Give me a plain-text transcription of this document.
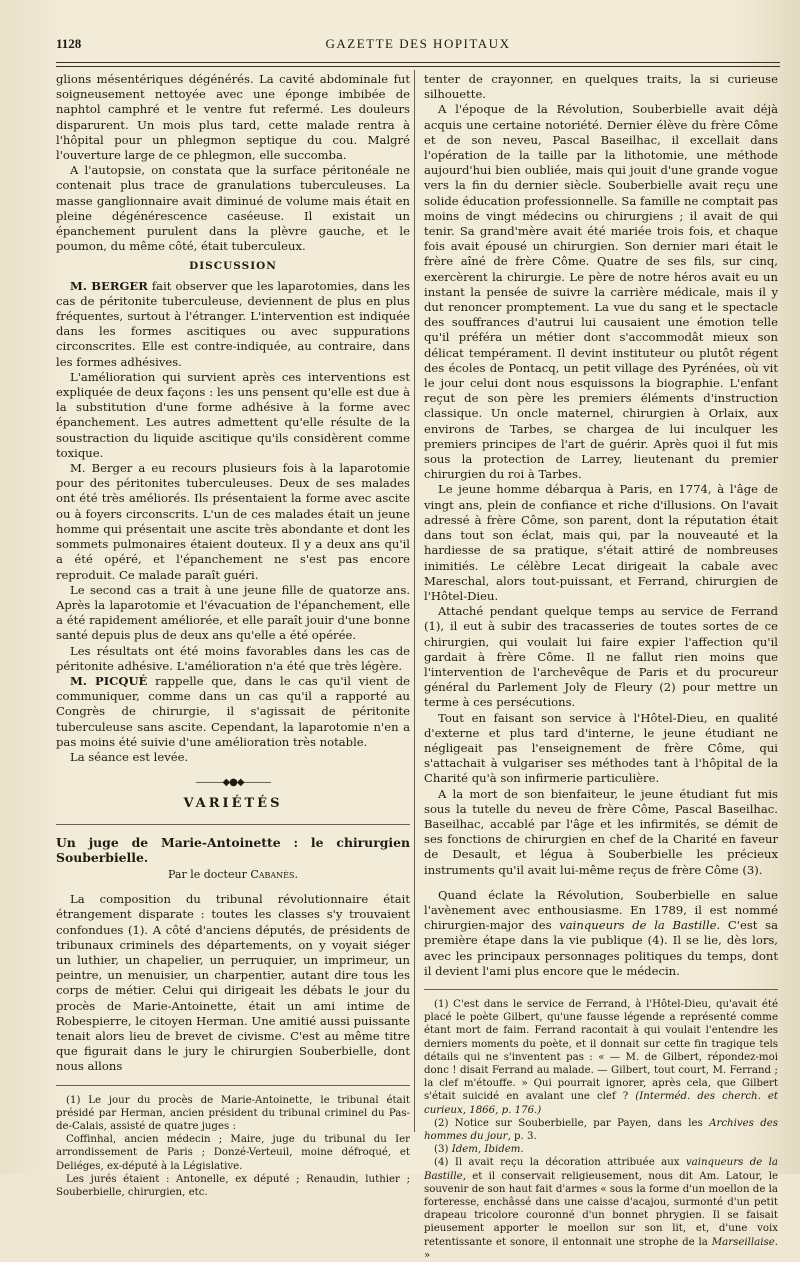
1128	GAZETTE DES HOPITAUX

glions mésentériques dégénérés. La cavité abdominale fut soigneusement nettoyée avec une éponge imbibée de naphtol camphré et le ventre fut refermé. Les douleurs disparurent. Un mois plus tard, cette malade rentra à l'hôpital pour un phlegmon septique du cou. Malgré l'ouverture large de ce phlegmon, elle succomba.

A l'autopsie, on constata que la surface péritonéale ne contenait plus trace de granulations tuberculeuses. La masse ganglionnaire avait diminué de volume mais était en pleine dégénérescence caséeuse. Il existait un épanchement purulent dans la plèvre gauche, et le poumon, du même côté, était tuberculeux.

DISCUSSION

M. BERGER fait observer que les laparotomies, dans les cas de péritonite tuberculeuse, deviennent de plus en plus fréquentes, surtout à l'étranger. L'intervention est indiquée dans les formes ascitiques ou avec suppurations circonscrites. Elle est contre-indiquée, au contraire, dans les formes adhésives.

L'amélioration qui survient après ces interventions est expliquée de deux façons : les uns pensent qu'elle est due à la substitution d'une forme adhésive à la forme avec épanchement. Les autres admettent qu'elle résulte de la soustraction du liquide ascitique qu'ils considèrent comme toxique.

M. Berger a eu recours plusieurs fois à la laparotomie pour des péritonites tuberculeuses. Deux de ses malades ont été très améliorés. Ils présentaient la forme avec ascite ou à foyers circonscrits. L'un de ces malades était un jeune homme qui présentait une ascite très abondante et dont les sommets pulmonaires étaient douteux. Il y a deux ans qu'il a été opéré, et l'épanchement ne s'est pas encore reproduit. Ce malade paraît guéri.

Le second cas a trait à une jeune fille de quatorze ans. Après la laparotomie et l'évacuation de l'épanchement, elle a été rapidement améliorée, et elle paraît jouir d'une bonne santé depuis plus de deux ans qu'elle a été opérée.

Les résultats ont été moins favorables dans les cas de péritonite adhésive. L'amélioration n'a été que très légère.

M. PICQUÉ rappelle que, dans le cas qu'il vient de communiquer, comme dans un cas qu'il a rapporté au Congrès de chirurgie, il s'agissait de péritonite tuberculeuse sans ascite. Cependant, la laparotomie n'en a pas moins été suivie d'une amélioration très notable.

La séance est levée.

———◆●◆———
VARIÉTÉS
Un juge de Marie-Antoinette : le chirurgien Souberbielle.
Par le docteur Cabanès.

La composition du tribunal révolutionnaire était étrangement disparate : toutes les classes s'y trouvaient confondues (1). A côté d'anciens députés, de présidents de tribunaux criminels des départements, on y voyait siéger un luthier, un chapelier, un perruquier, un imprimeur, un peintre, un menuisier, un charpentier, autant dire tous les corps de métier. Celui qui dirigeait les débats le jour du procès de Marie-Antoinette, était un ami intime de Robespierre, le citoyen Herman. Une amitié aussi puissante tenait alors lieu de brevet de civisme. C'est au même titre que figurait dans le jury le chirurgien Souberbielle, dont nous allons

(1) Le jour du procès de Marie-Antoinette, le tribunal était présidé par Herman, ancien président du tribunal criminel du Pas-de-Calais, assisté de quatre juges :

Coffinhal, ancien médecin ; Maire, juge du tribunal du Ier arrondissement de Paris ; Donzé-Verteuil, moine défroqué, et Deliéges, ex-député à la Législative.

Les jurés étaient : Antonelle, ex député ; Renaudin, luthier ; Souberbielle, chirurgien, etc.

tenter de crayonner, en quelques traits, la si curieuse silhouette.

A l'époque de la Révolution, Souberbielle avait déjà acquis une certaine notoriété. Dernier élève du frère Côme et de son neveu, Pascal Baseilhac, il excellait dans l'opération de la taille par la lithotomie, une méthode aujourd'hui bien oubliée, mais qui jouit d'une grande vogue vers la fin du dernier siècle. Souberbielle avait reçu une solide éducation professionnelle. Sa famille ne comptait pas moins de vingt médecins ou chirurgiens ; il avait de qui tenir. Sa grand'mère avait été mariée trois fois, et chaque fois avait épousé un chirurgien. Son dernier mari était le frère aîné de frère Côme. Quatre de ses fils, sur cinq, exercèrent la chirurgie. Le père de notre héros avait eu un instant la pensée de suivre la carrière médicale, mais il y dut renoncer promptement. La vue du sang et le spectacle des souffrances d'autrui lui causaient une émotion telle qu'il préféra un métier dont s'accommodât mieux son délicat tempérament. Il devint instituteur ou plutôt régent des écoles de Pontacq, un petit village des Pyrénées, où vit le jour celui dont nous esquissons la biographie. L'enfant reçut de son père les premiers éléments d'instruction classique. Un oncle maternel, chirurgien à Orlaix, aux environs de Tarbes, se chargea de lui inculquer les premiers principes de l'art de guérir. Après quoi il fut mis sous la protection de Larrey, lieutenant du premier chirurgien du roi à Tarbes.

Le jeune homme débarqua à Paris, en 1774, à l'âge de vingt ans, plein de confiance et riche d'illusions. On l'avait adressé à frère Côme, son parent, dont la réputation était dans tout son éclat, mais qui, par la nouveauté et la hardiesse de sa pratique, s'était attiré de nombreuses inimitiés. Le célèbre Lecat dirigeait la cabale avec Mareschal, alors tout-puissant, et Ferrand, chirurgien de l'Hôtel-Dieu.

Attaché pendant quelque temps au service de Ferrand (1), il eut à subir des tracasseries de toutes sortes de ce chirurgien, qui voulait lui faire expier l'affection qu'il gardait à frère Côme. Il ne fallut rien moins que l'intervention de l'archevêque de Paris et du procureur général du Parlement Joly de Fleury (2) pour mettre un terme à ces persécutions.

Tout en faisant son service à l'Hôtel-Dieu, en qualité d'externe et plus tard d'interne, le jeune étudiant ne négligeait pas l'enseignement de frère Côme, qui s'attachait à vulgariser ses méthodes tant à l'hôpital de la Charité qu'à son infirmerie particulière.

A la mort de son bienfaiteur, le jeune étudiant fut mis sous la tutelle du neveu de frère Côme, Pascal Baseilhac. Baseilhac, accablé par l'âge et les infirmités, se démit de ses fonctions de chirurgien en chef de la Charité en faveur de Desault, et légua à Souberbielle les précieux instruments qu'il avait lui-même reçus de frère Côme (3).

Quand éclate la Révolution, Souberbielle en salue l'avènement avec enthousiasme. En 1789, il est nommé chirurgien-major des vainqueurs de la Bastille. C'est sa première étape dans la vie publique (4). Il se lie, dès lors, avec les principaux personnages politiques du temps, dont il devient l'ami plus encore que le médecin.

(1) C'est dans le service de Ferrand, à l'Hôtel-Dieu, qu'avait été placé le poète Gilbert, qu'une fausse légende a représenté comme étant mort de faim. Ferrand racontait à qui voulait l'entendre les derniers moments du poète, et il donnait sur cette fin tragique tels détails qui ne s'inventent pas : « — M. de Gilbert, répondez-moi donc ! disait Ferrand au malade. — Gilbert, tout court, M. Ferrand ; la clef m'étouffe. » Qui pourrait ignorer, après cela, que Gilbert s'était suicidé en avalant une clef ? (Interméd. des cherch. et curieux, 1866, p. 176.)

(2) Notice sur Souberbielle, par Payen, dans les Archives des hommes du jour, p. 3.

(3) Idem, Ibidem.

(4) Il avait reçu la décoration attribuée aux vainqueurs de la Bastille, et il conservait religieusement, nous dit Am. Latour, le souvenir de son haut fait d'armes « sous la forme d'un moellon de la forteresse, enchâssé dans une caisse d'acajou, surmonté d'un petit drapeau tricolore couronné d'un bonnet phrygien. Il se faisait pieusement apporter le moellon sur son lit, et, d'une voix retentissante et sonore, il entonnait une strophe de la Marseillaise. »
